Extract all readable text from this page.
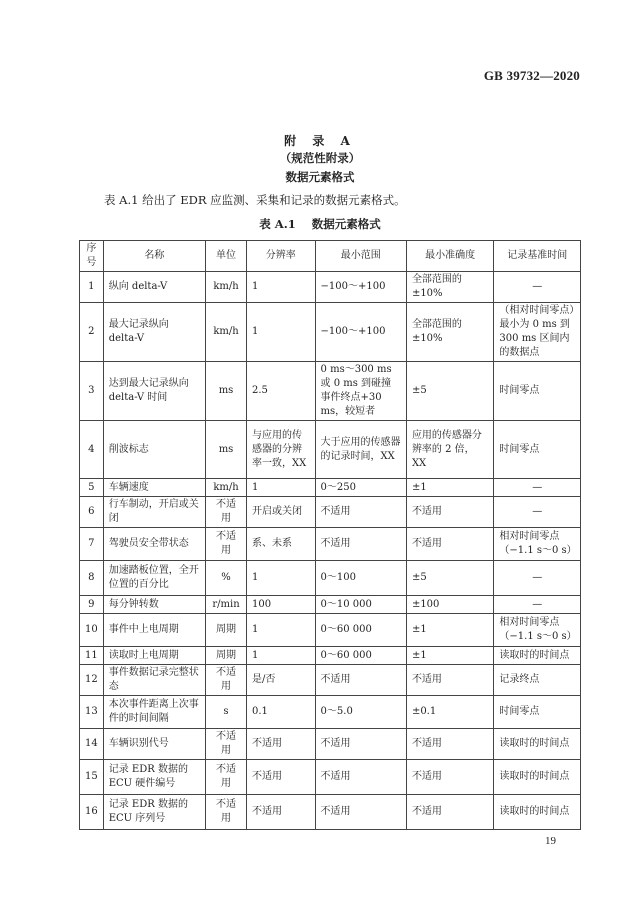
GB 39732—2020
附 录 A
（规范性附录）
数据元素格式
表 A.1 给出了 EDR 应监测、采集和记录的数据元素格式。
表 A.1 数据元素格式
序号	名称	单位	分辨率	最小范围	最小准确度	记录基准时间
1	纵向 delta-V	km/h	1	−100～+100	全部范围的±10%	—
2	最大记录纵向 delta-V	km/h	1	−100～+100	全部范围的±10%	（相对时间零点）最小为 0 ms 到 300 ms 区间内的数据点
3	达到最大记录纵向 delta-V 时间	ms	2.5	0 ms～300 ms 或 0 ms 到碰撞事件终点+30 ms，较短者	±5	时间零点
4	削波标志	ms	与应用的传感器的分辨率一致，XX	大于应用的传感器的记录时间，XX	应用的传感器分辨率的 2 倍，XX	时间零点
5	车辆速度	km/h	1	0～250	±1	—
6	行车制动，开启或关闭	不适用	开启或关闭	不适用	不适用	—
7	驾驶员安全带状态	不适用	系、未系	不适用	不适用	相对时间零点（−1.1 s～0 s）
8	加速踏板位置，全开位置的百分比	%	1	0～100	±5	—
9	每分钟转数	r/min	100	0～10 000	±100	—
10	事件中上电周期	周期	1	0～60 000	±1	相对时间零点（−1.1 s～0 s）
11	读取时上电周期	周期	1	0～60 000	±1	读取时的时间点
12	事件数据记录完整状态	不适用	是/否	不适用	不适用	记录终点
13	本次事件距离上次事件的时间间隔	s	0.1	0～5.0	±0.1	时间零点
14	车辆识别代号	不适用	不适用	不适用	不适用	读取时的时间点
15	记录 EDR 数据的 ECU 硬件编号	不适用	不适用	不适用	不适用	读取时的时间点
16	记录 EDR 数据的 ECU 序列号	不适用	不适用	不适用	不适用	读取时的时间点
19
